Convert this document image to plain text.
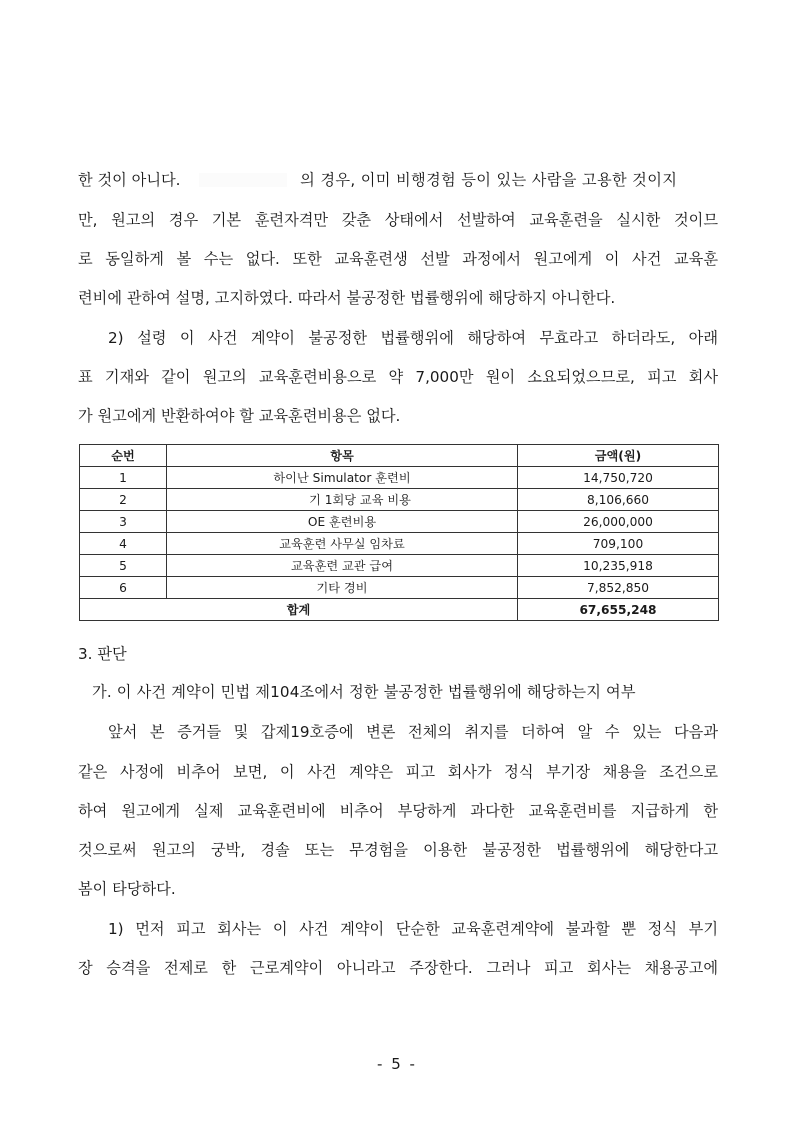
한 것이 아니다.	의 경우, 이미 비행경험 등이 있는 사람을 고용한 것이지
만, 원고의 경우 기본 훈련자격만 갖춘 상태에서 선발하여 교육훈련을 실시한 것이므
로 동일하게 볼 수는 없다. 또한 교육훈련생 선발 과정에서 원고에게 이 사건 교육훈
련비에 관하여 설명, 고지하였다. 따라서 불공정한 법률행위에 해당하지 아니한다.
2) 설령 이 사건 계약이 불공정한 법률행위에 해당하여 무효라고 하더라도, 아래
표 기재와 같이 원고의 교육훈련비용으로 약 7,000만 원이 소요되었으므로, 피고 회사
가 원고에게 반환하여야 할 교육훈련비용은 없다.
순번	항목	금액(원)
1	하이난 Simulator 훈련비	14,750,720
2	기 1회당 교육 비용	8,106,660
3	OE 훈련비용	26,000,000
4	교육훈련 사무실 임차료	709,100
5	교육훈련 교관 급여	10,235,918
6	기타 경비	7,852,850
합계		67,655,248
3. 판단
가. 이 사건 계약이 민법 제104조에서 정한 불공정한 법률행위에 해당하는지 여부
앞서 본 증거들 및 갑제19호증에 변론 전체의 취지를 더하여 알 수 있는 다음과
같은 사정에 비추어 보면, 이 사건 계약은 피고 회사가 정식 부기장 채용을 조건으로
하여 원고에게 실제 교육훈련비에 비추어 부당하게 과다한 교육훈련비를 지급하게 한
것으로써 원고의 궁박, 경솔 또는 무경험을 이용한 불공정한 법률행위에 해당한다고
봄이 타당하다.
1) 먼저 피고 회사는 이 사건 계약이 단순한 교육훈련계약에 불과할 뿐 정식 부기
장 승격을 전제로 한 근로계약이 아니라고 주장한다. 그러나 피고 회사는 채용공고에
- 5 -
